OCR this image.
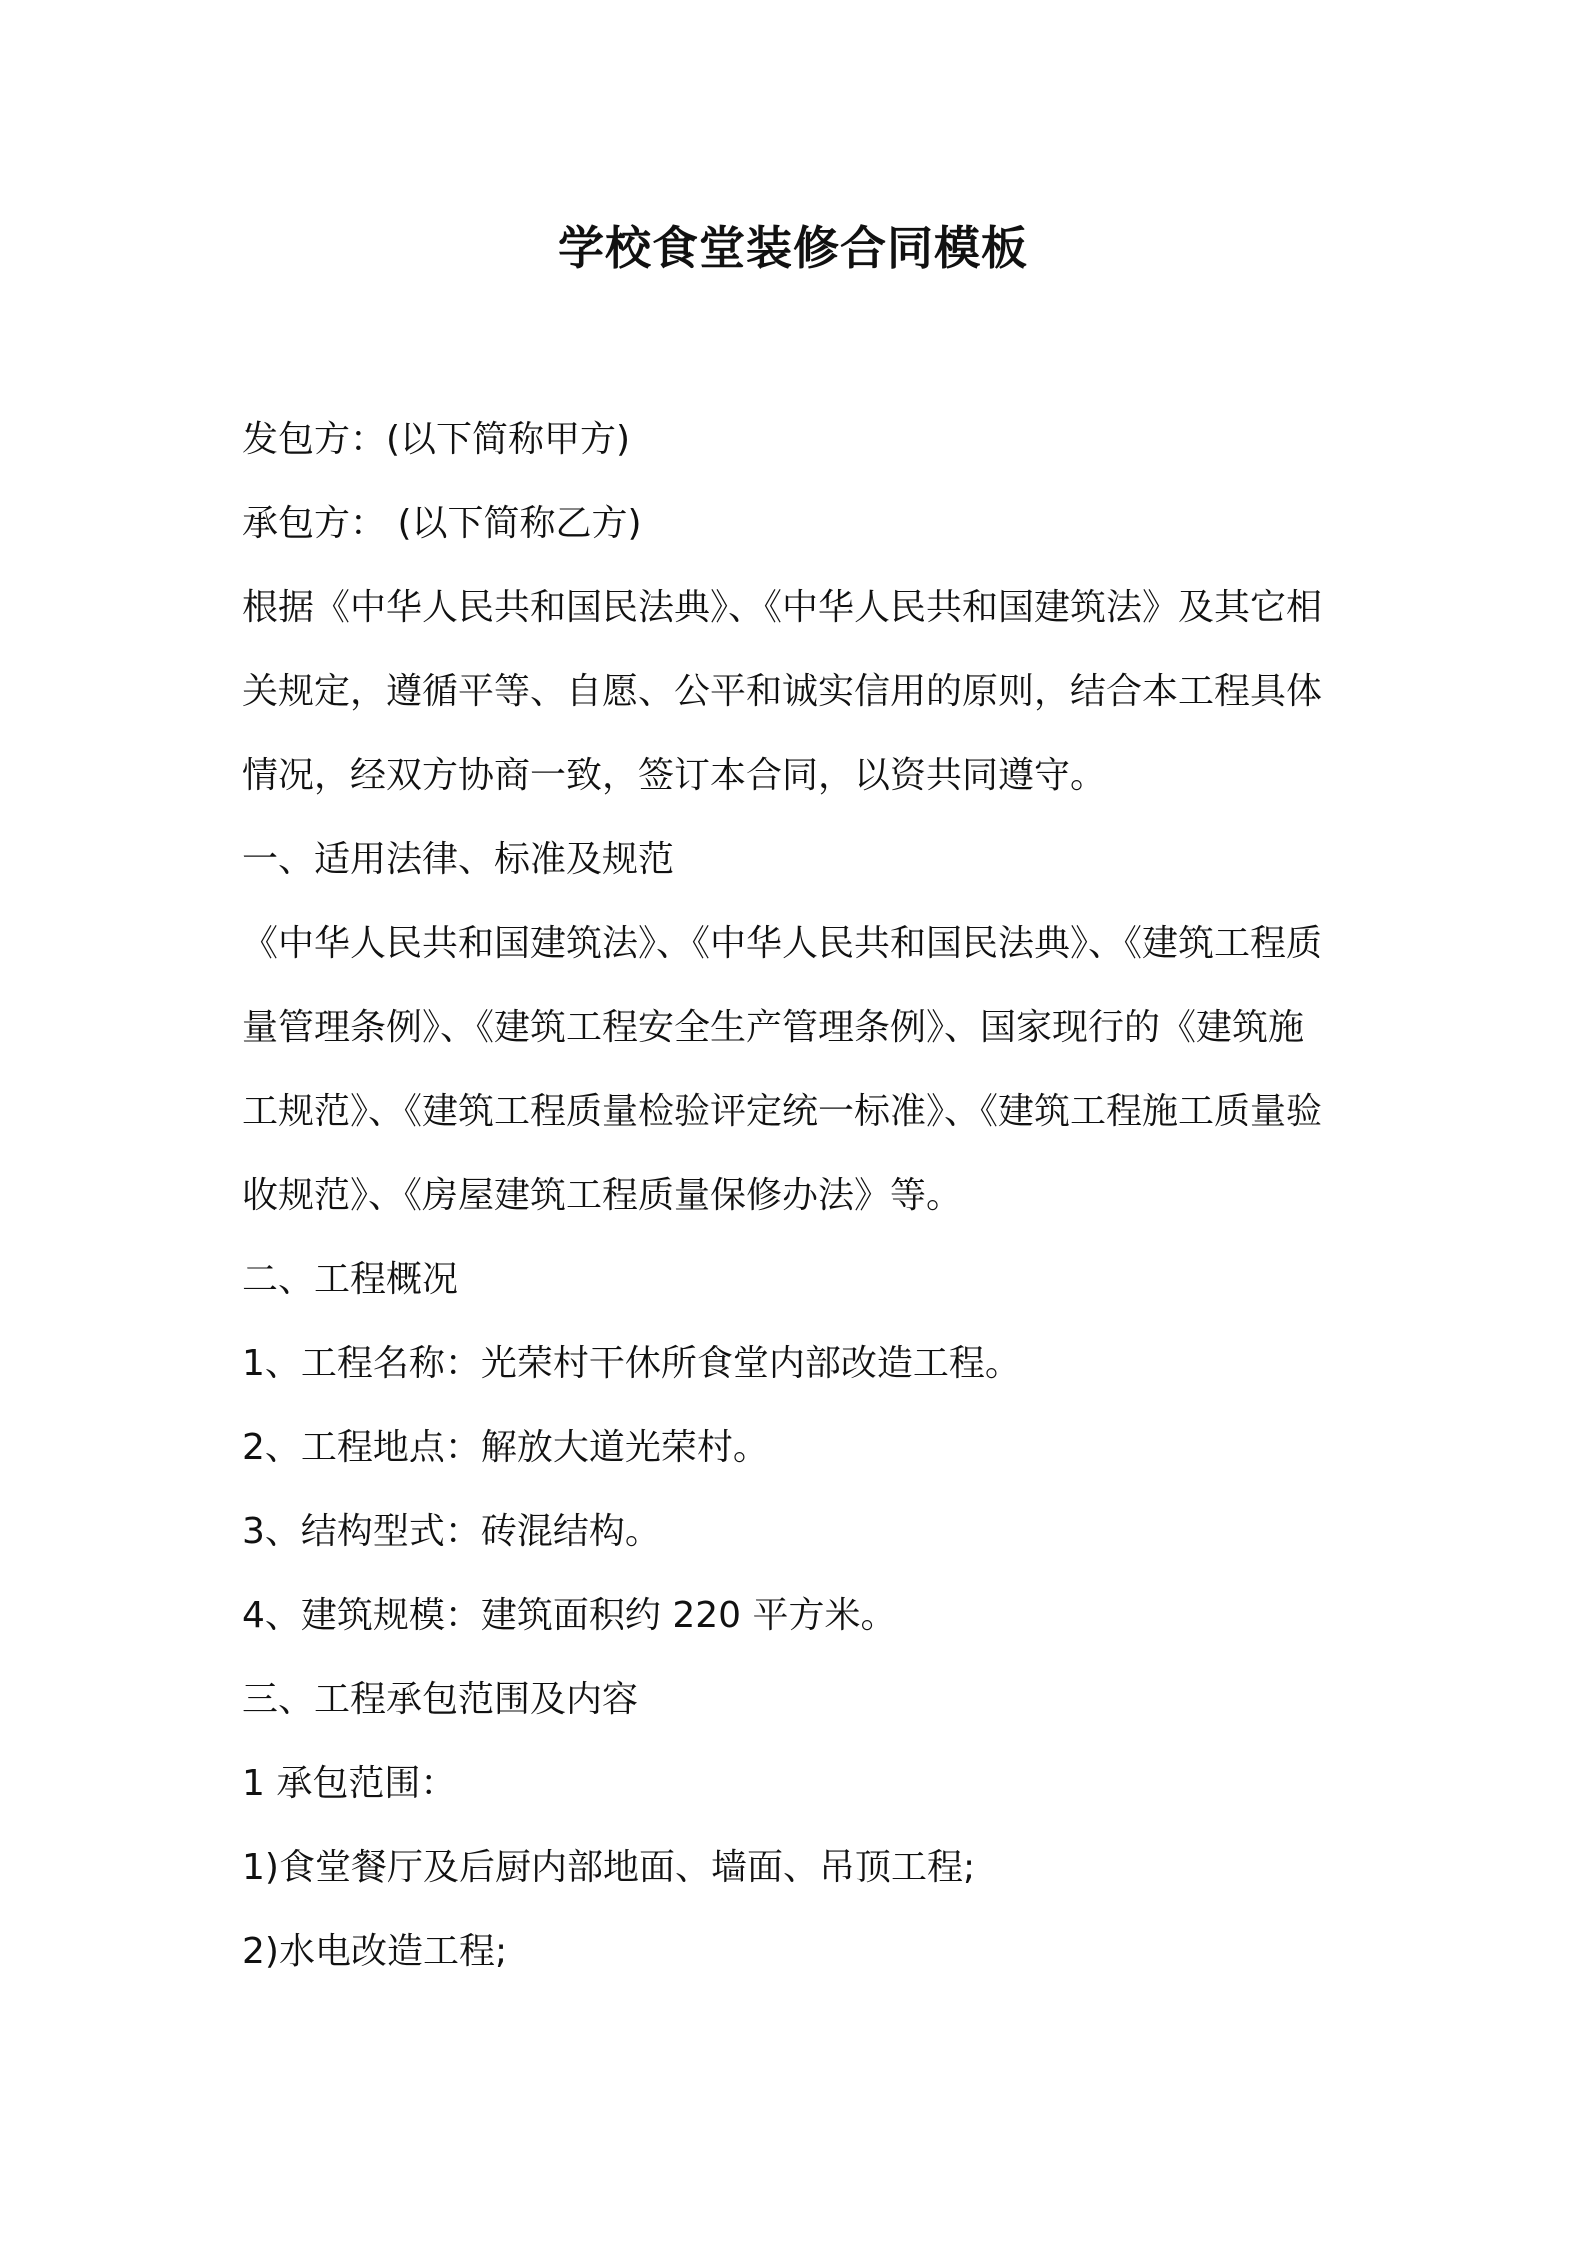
学校食堂装修合同模板
发包方：(以下简称甲方)
承包方： (以下简称乙方)
根据《中华人民共和国民法典》、《中华人民共和国建筑法》及其它相
关规定，遵循平等、自愿、公平和诚实信用的原则，结合本工程具体
情况，经双方协商一致，签订本合同，以资共同遵守。
一、适用法律、标准及规范
《中华人民共和国建筑法》、《中华人民共和国民法典》、《建筑工程质
量管理条例》、《建筑工程安全生产管理条例》、国家现行的《建筑施
工规范》、《建筑工程质量检验评定统一标准》、《建筑工程施工质量验
收规范》、《房屋建筑工程质量保修办法》等。
二、工程概况
1、工程名称：光荣村干休所食堂内部改造工程。
2、工程地点：解放大道光荣村。
3、结构型式：砖混结构。
4、建筑规模：建筑面积约 220 平方米。
三、工程承包范围及内容
1 承包范围：
1)食堂餐厅及后厨内部地面、墙面、吊顶工程;
2)水电改造工程;
